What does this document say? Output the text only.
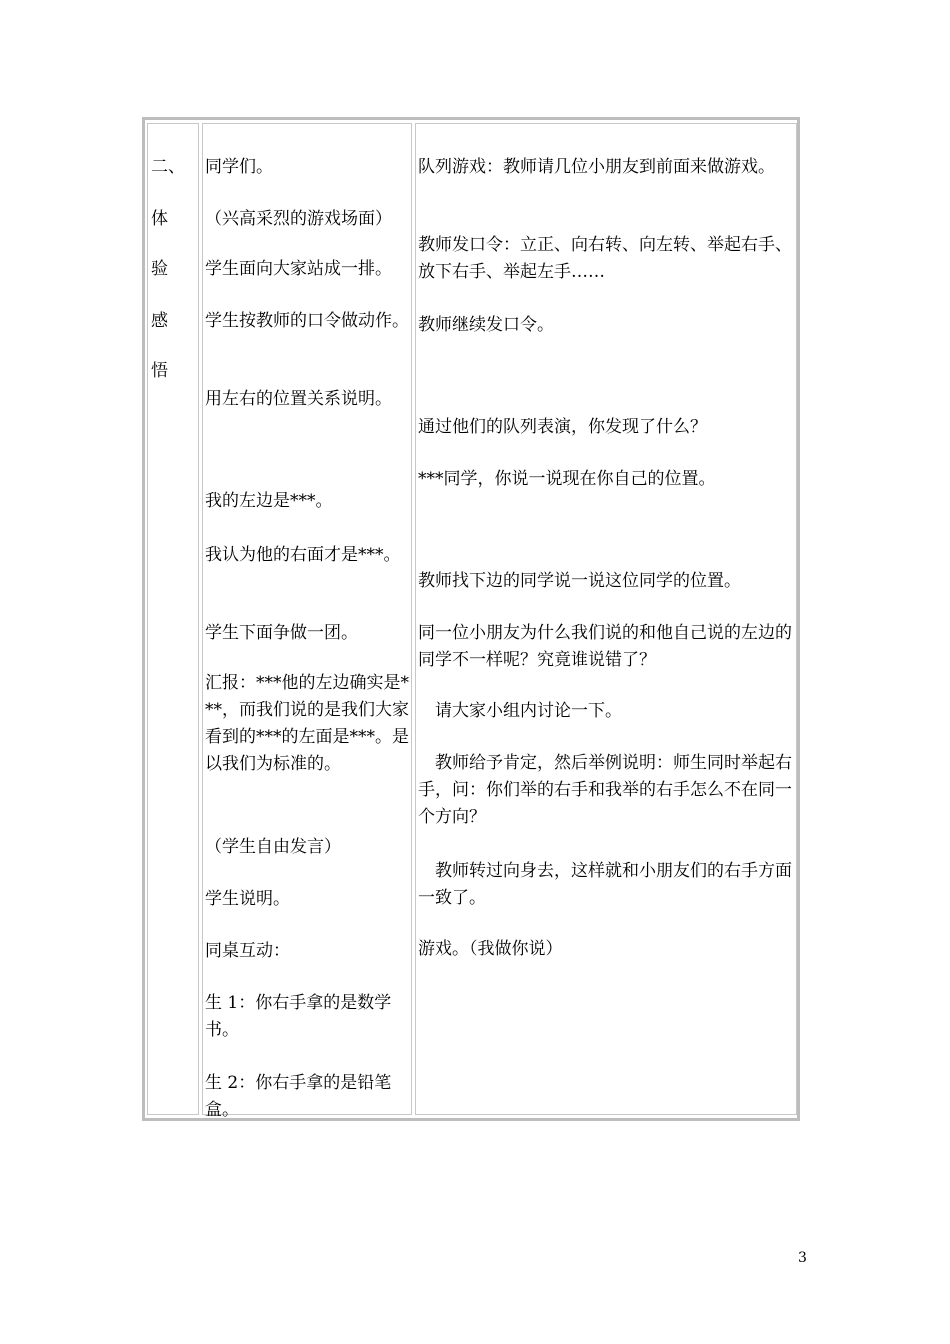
二、
体
验
感
悟
同学们。
（兴高采烈的游戏场面）
学生面向大家站成一排。
学生按教师的口令做动作。
用左右的位置关系说明。
我的左边是***。
我认为他的右面才是***。
学生下面争做一团。
汇报：***他的左边确实是***，而我们说的是我们大家看到的***的左面是***。是以我们为标准的。
（学生自由发言）
学生说明。
同桌互动：
生 1：你右手拿的是数学书。
生 2：你右手拿的是铅笔盒。
队列游戏：教师请几位小朋友到前面来做游戏。
教师发口令：立正、向右转、向左转、举起右手、放下右手、举起左手……
教师继续发口令。
通过他们的队列表演，你发现了什么？
***同学，你说一说现在你自己的位置。
教师找下边的同学说一说这位同学的位置。
同一位小朋友为什么我们说的和他自己说的左边的同学不一样呢？究竟谁说错了？
　请大家小组内讨论一下。
　教师给予肯定，然后举例说明：师生同时举起右手，问：你们举的右手和我举的右手怎么不在同一个方向？
　教师转过向身去，这样就和小朋友们的右手方面一致了。
游戏。（我做你说）
3
